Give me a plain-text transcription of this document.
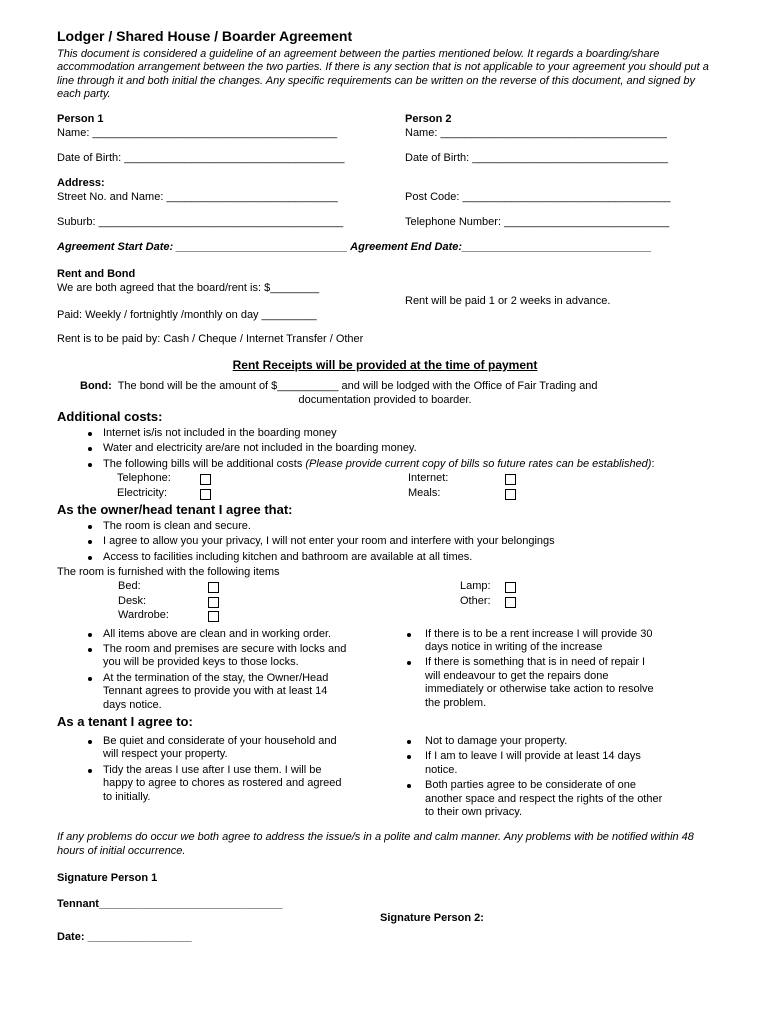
Lodger / Shared House / Boarder Agreement
This document is considered a guideline of an agreement between the parties mentioned below. It regards a boarding/share accommodation arrangement between the two parties. If there is any section that is not applicable to your agreement you should put a line through it and both initial the changes. Any specific requirements can be written on the reverse of this document, and signed by each party.
Person 1	Person 2
Name: ________________________________________	Name: _____________________________________
Date of Birth: ____________________________________	Date of Birth: ________________________________
Address:
Street No. and Name: ____________________________	Post Code: __________________________________
Suburb: ________________________________________	Telephone Number: ___________________________
Agreement Start Date: ____________________________ Agreement End Date:_______________________________
Rent and Bond
We are both agreed that the board/rent is: $________
Rent will be paid 1 or 2 weeks in advance.
Paid: Weekly / fortnightly /monthly on day _________
Rent is to be paid by: Cash / Cheque / Internet Transfer / Other
Rent Receipts will be provided at the time of payment
Bond: The bond will be the amount of $__________ and will be lodged with the Office of Fair Trading and
documentation provided to boarder.
Additional costs:
Internet is/is not included in the boarding money
Water and electricity are/are not included in the boarding money.
The following bills will be additional costs (Please provide current copy of bills so future rates can be established):
Telephone:	Internet:
Electricity:	Meals:
As the owner/head tenant I agree that:
The room is clean and secure.
I agree to allow you your privacy, I will not enter your room and interfere with your belongings
Access to facilities including kitchen and bathroom are available at all times.
The room is furnished with the following items
Bed:	Lamp:
Desk:	Other:
Wardrobe:
All items above are clean and in working order.
The room and premises are secure with locks and you will be provided keys to those locks.
At the termination of the stay, the Owner/Head Tennant agrees to provide you with at least 14 days notice.
If there is to be a rent increase I will provide 30 days notice in writing of the increase
If there is something that is in need of repair I will endeavour to get the repairs done immediately or otherwise take action to resolve the problem.
As a tenant I agree to:
Be quiet and considerate of your household and will respect your property.
Tidy the areas I use after I use them. I will be happy to agree to chores as rostered and agreed to initially.
Not to damage your property.
If I am to leave I will provide at least 14 days notice.
Both parties agree to be considerate of one another space and respect the rights of the other to their own privacy.
If any problems do occur we both agree to address the issue/s in a polite and calm manner. Any problems with be notified within 48 hours of initial occurrence.
Signature Person 1
Tennant______________________________
Signature Person 2:
Date: _________________
